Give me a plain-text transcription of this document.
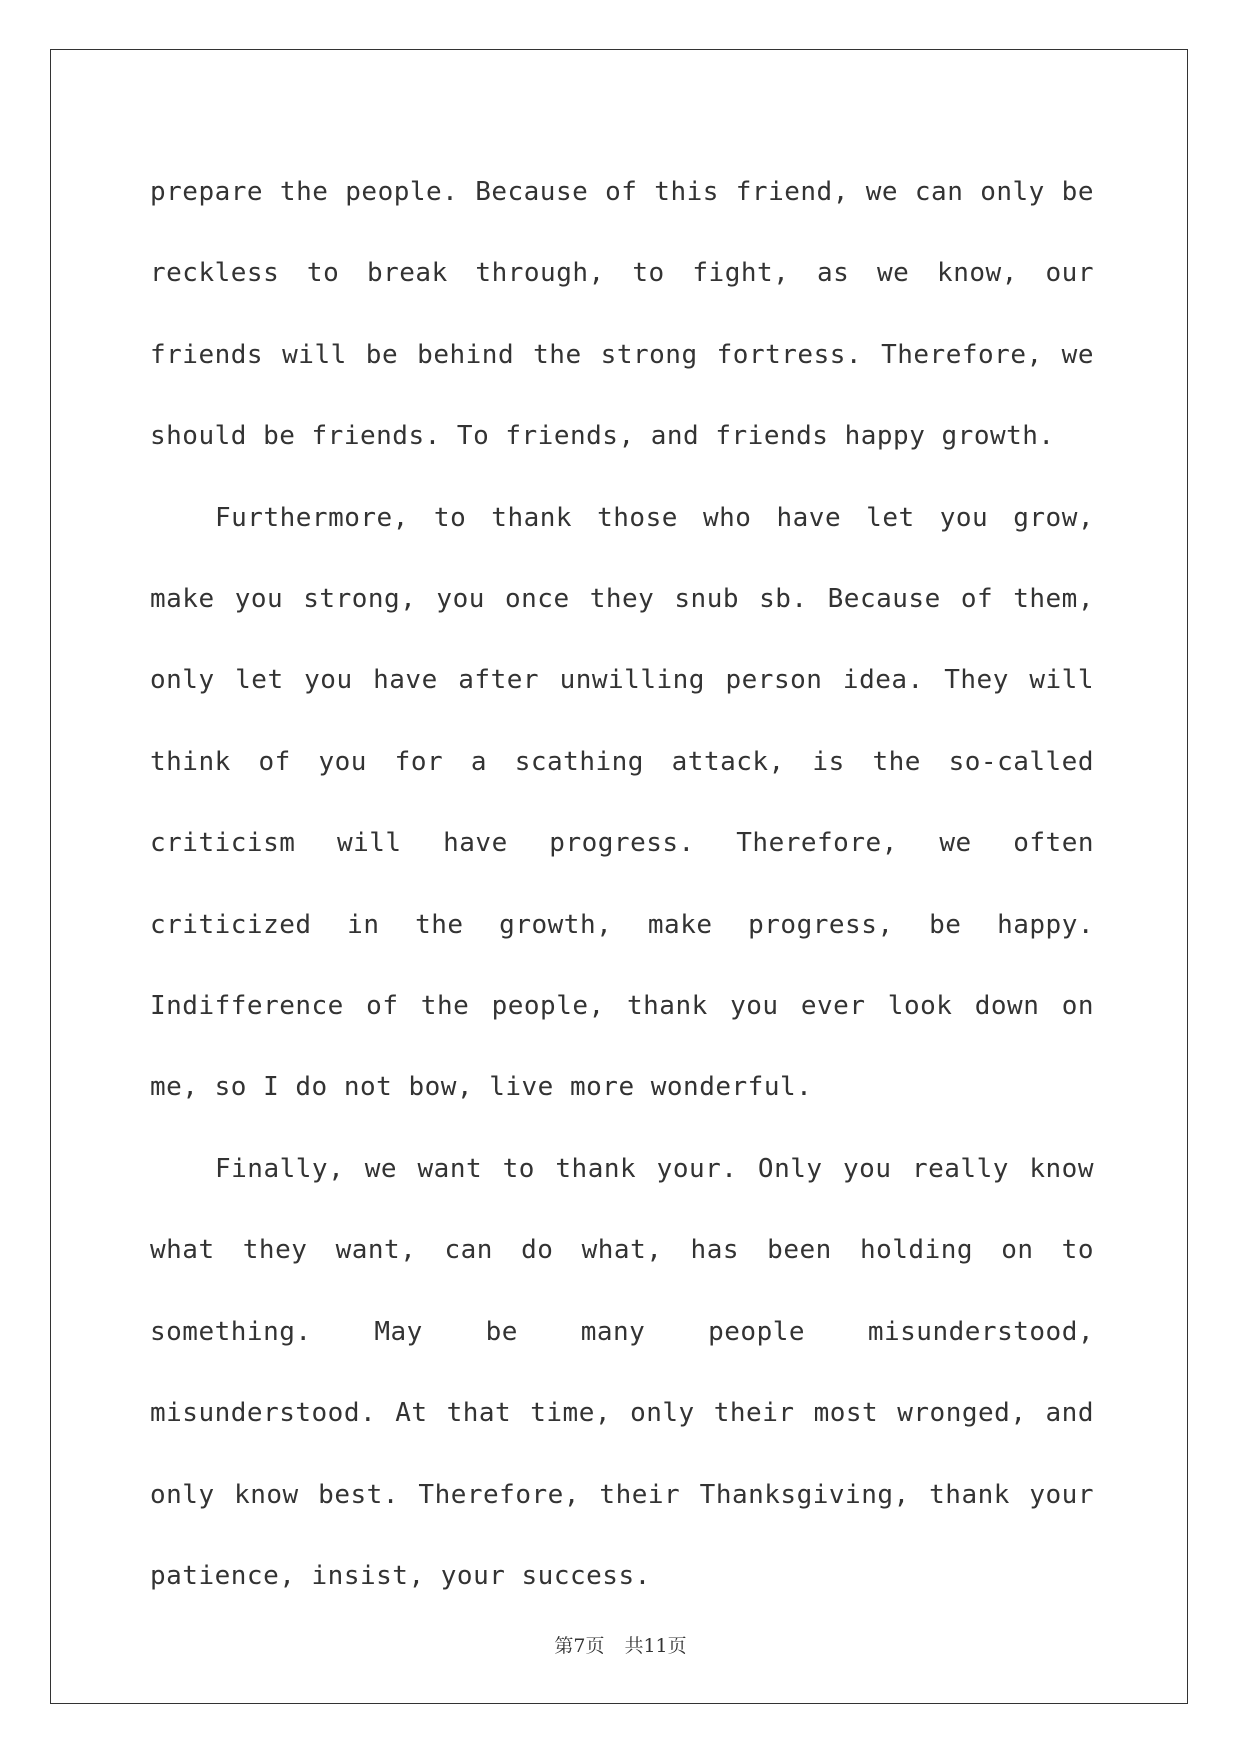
prepare the people. Because of this friend, we can only be reckless to break through, to fight, as we know, our friends will be behind the strong fortress. Therefore, we should be friends. To friends, and friends happy growth.

Furthermore, to thank those who have let you grow, make you strong, you once they snub sb. Because of them, only let you have after unwilling person idea. They will think of you for a scathing attack, is the so-called criticism will have progress. Therefore, we often criticized in the growth, make progress, be happy. Indifference of the people, thank you ever look down on me, so I do not bow, live more wonderful.

Finally, we want to thank your. Only you really know what they want, can do what, has been holding on to something. May be many people misunderstood, misunderstood. At that time, only their most wronged, and only know best. Therefore, their Thanksgiving, thank your patience, insist, your success.

第7页 共11页
